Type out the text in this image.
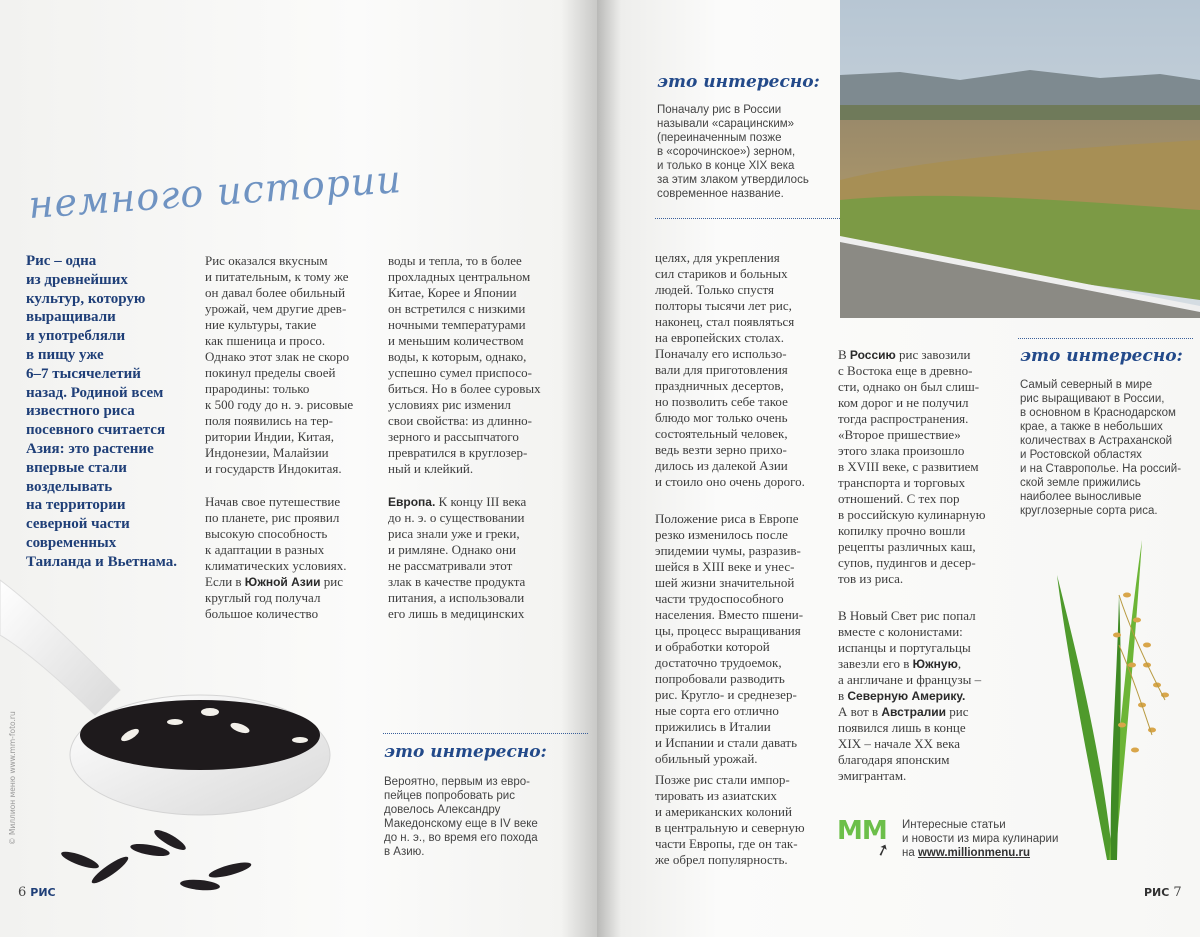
немного истории
Рис – одна
из древнейших
культур, которую
выращивали
и употребляли
в пищу уже
6–7 тысячелетий
назад. Родиной всем
известного риса
посевного считается
Азия: это растение
впервые стали
возделывать
на территории
северной части
современных
Таиланда и Вьетнама.
Рис оказался вкусным
и питательным, к тому же
он давал более обильный
урожай, чем другие древ-
ние культуры, такие
как пшеница и просо.
Однако этот злак не скоро
покинул пределы своей
прародины: только
к 500 году до н. э. рисовые
поля появились на тер-
ритории Индии, Китая,
Индонезии, Малайзии
и государств Индокитая.
Начав свое путешествие
по планете, рис проявил
высокую способность
к адаптации в разных
климатических условиях.
Если в Южной Азии рис
круглый год получал
большое количество
воды и тепла, то в более
прохладных центральном
Китае, Корее и Японии
он встретился с низкими
ночными температурами
и меньшим количеством
воды, к которым, однако,
успешно сумел приспосо-
биться. Но в более суровых
условиях рис изменил
свои свойства: из длинно-
зерного и рассыпчатого
превратился в круглозер-
ный и клейкий.
Европа. К концу III века
до н. э. о существовании
риса знали уже и греки,
и римляне. Однако они
не рассматривали этот
злак в качестве продукта
питания, а использовали
его лишь в медицинских
это интересно:
Вероятно, первым из евро-
пейцев попробовать рис
довелось Александру
Македонскому еще в IV веке
до н. э., во время его похода
в Азию.
© Миллион меню www.mm-foto.ru
6 РИС
это интересно:
Поначалу рис в России
называли «сарацинским»
(переиначенным позже
в «сорочинское») зерном,
и только в конце XIX века
за этим злаком утвердилось
современное название.
целях, для укрепления
сил стариков и больных
людей. Только спустя
полторы тысячи лет рис,
наконец, стал появляться
на европейских столах.
Поначалу его использо-
вали для приготовления
праздничных десертов,
но позволить себе такое
блюдо мог только очень
состоятельный человек,
ведь везти зерно прихо-
дилось из далекой Азии
и стоило оно очень дорого.
Положение риса в Европе
резко изменилось после
эпидемии чумы, разразив-
шейся в XIII веке и унес-
шей жизни значительной
части трудоспособного
населения. Вместо пшени-
цы, процесс выращивания
и обработки которой
достаточно трудоемок,
попробовали разводить
рис. Кругло- и среднезер-
ные сорта его отлично
прижились в Италии
и Испании и стали давать
обильный урожай.
Позже рис стали импор-
тировать из азиатских
и американских колоний
в центральную и северную
части Европы, где он так-
же обрел популярность.
В Россию рис завозили
с Востока еще в древно-
сти, однако он был слиш-
ком дорог и не получил
тогда распространения.
«Второе пришествие»
этого злака произошло
в XVIII веке, с развитием
транспорта и торговых
отношений. С тех пор
в российскую кулинарную
копилку прочно вошли
рецепты различных каш,
супов, пудингов и десер-
тов из риса.
В Новый Свет рис попал
вместе с колонистами:
испанцы и португальцы
завезли его в Южную,
а англичане и французы –
в Северную Америку.
А вот в Австралии рис
появился лишь в конце
XIX – начале XX века
благодаря японским
эмигрантам.
это интересно:
Самый северный в мире
рис выращивают в России,
в основном в Краснодарском
крае, а также в небольших
количествах в Астраханской
и Ростовской областях
и на Ставрополье. На россий-
ской земле прижились
наиболее выносливые
круглозерные сорта риса.
MM
➚
Интересные статьи
и новости из мира кулинарии
на www.millionmenu.ru
РИС 7
